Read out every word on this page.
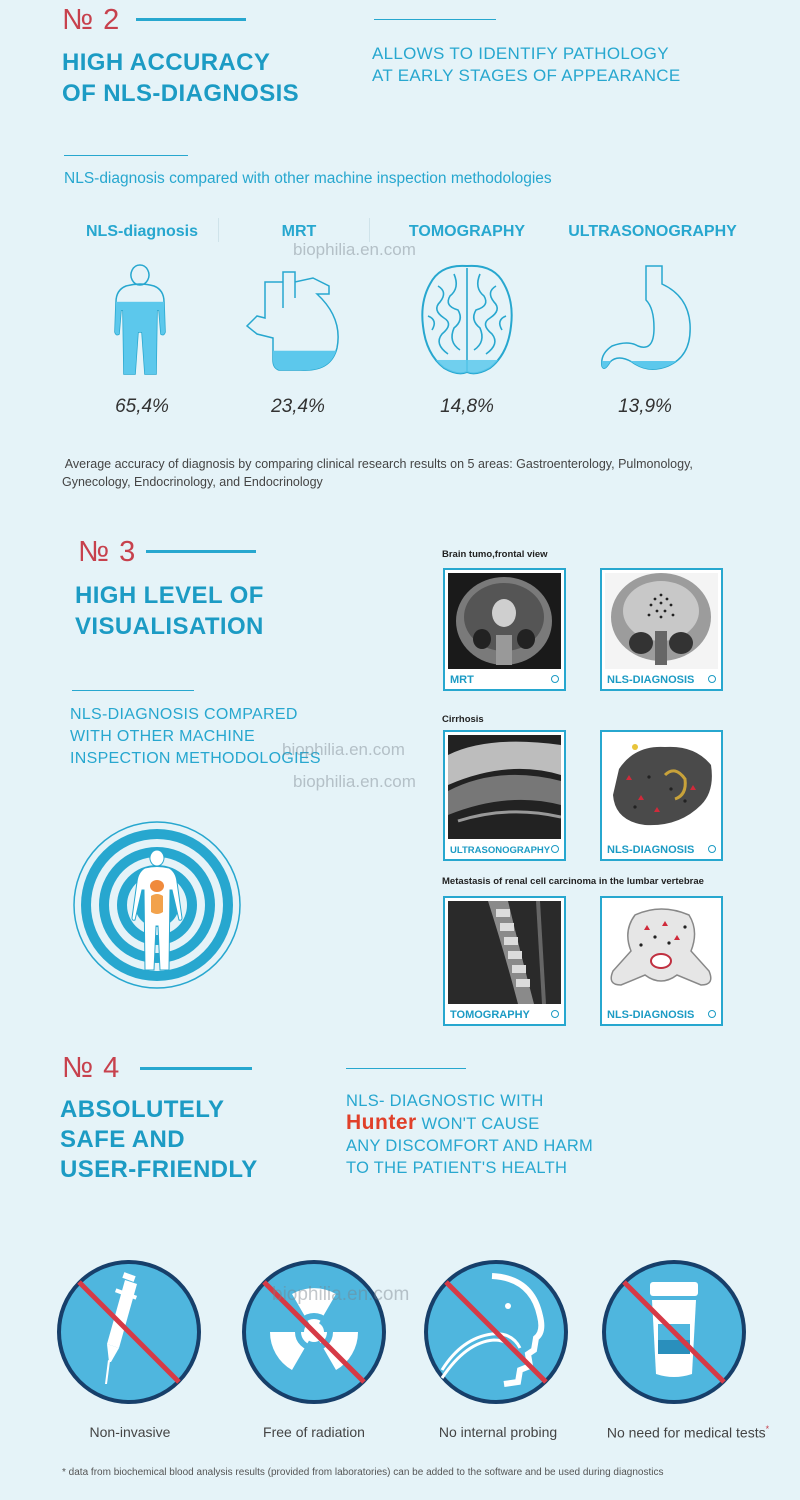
№ 2
HIGH ACCURACY
OF NLS-DIAGNOSIS
ALLOWS TO IDENTIFY PATHOLOGY
AT EARLY STAGES OF APPEARANCE
NLS-diagnosis compared with other machine inspection methodologies
NLS-diagnosis	MRT	TOMOGRAPHY	ULTRASONOGRAPHY
biophilia.en.com
65,4%	23,4%	14,8%	13,9%
Average accuracy of diagnosis by comparing clinical research results on 5 areas: Gastroenterology, Pulmonology,
Gynecology, Endocrinology, and Endocrinology
№ 3
HIGH LEVEL OF
VISUALISATION
NLS-DIAGNOSIS COMPARED
WITH OTHER MACHINE
INSPECTION METHODOLOGIES
biophilia.en.com
biophilia.en.com
Brain tumo,frontal view
MRT	NLS-DIAGNOSIS
Cirrhosis
ULTRASONOGRAPHY	NLS-DIAGNOSIS
Metastasis of renal cell carcinoma in the lumbar vertebrae
TOMOGRAPHY	NLS-DIAGNOSIS
№ 4
ABSOLUTELY
SAFE AND
USER-FRIENDLY
NLS- DIAGNOSTIC WITH
Hunter WON'T CAUSE
ANY DISCOMFORT AND HARM
TO THE PATIENT'S HEALTH
biophilia.en.com
Non-invasive	Free of radiation	No internal probing	No need for medical tests*
* data from biochemical blood analysis results (provided from laboratories) can be added to the software and be used during diagnostics
